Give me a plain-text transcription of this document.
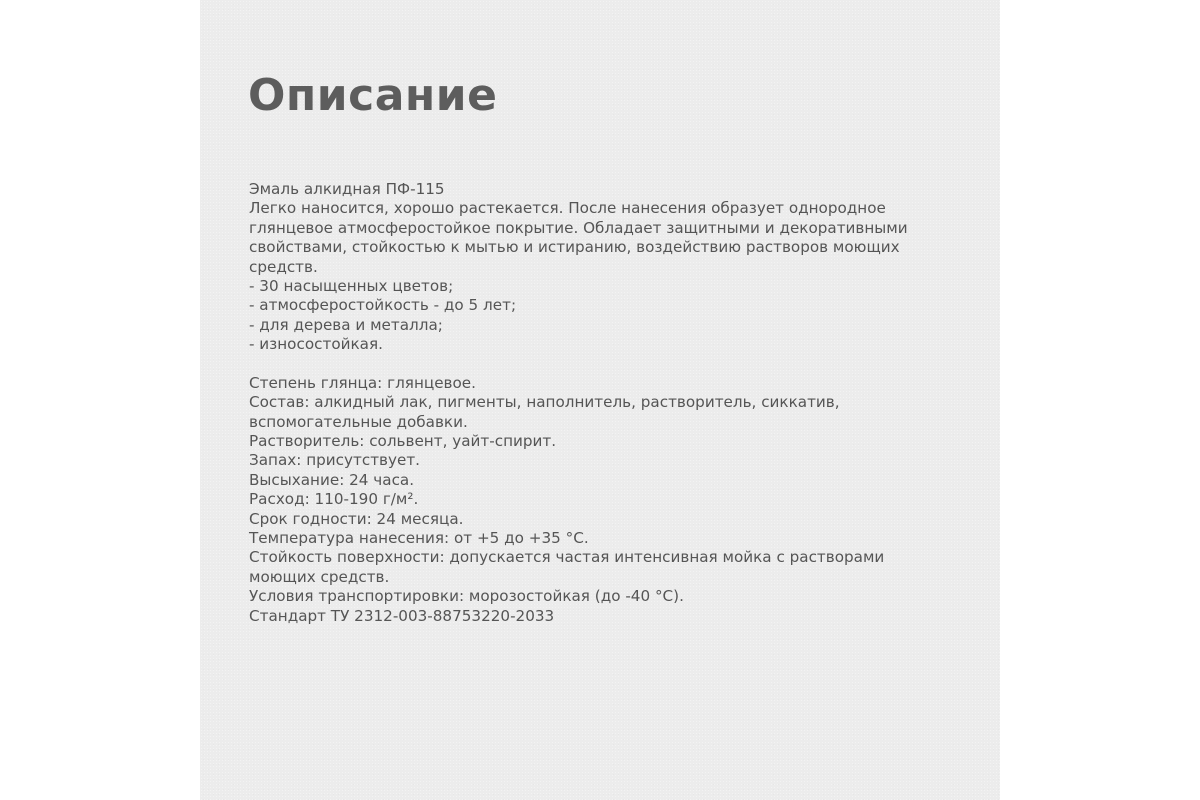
Описание
Эмаль алкидная ПФ-115
Легко наносится, хорошо растекается. После нанесения образует однородное
глянцевое атмосферостойкое покрытие. Обладает защитными и декоративными
свойствами, стойкостью к мытью и истиранию, воздействию растворов моющих
средств.
- 30 насыщенных цветов;
- атмосферостойкость - до 5 лет;
- для дерева и металла;
- износостойкая.
Степень глянца: глянцевое.
Состав: алкидный лак, пигменты, наполнитель, растворитель, сиккатив,
вспомогательные добавки.
Растворитель: сольвент, уайт-спирит.
Запах: присутствует.
Высыхание: 24 часа.
Расход: 110-190 г/м².
Срок годности: 24 месяца.
Температура нанесения: от +5 до +35 °С.
Стойкость поверхности: допускается частая интенсивная мойка с растворами
моющих средств.
Условия транспортировки: морозостойкая (до -40 °С).
Стандарт ТУ 2312-003-88753220-2033
